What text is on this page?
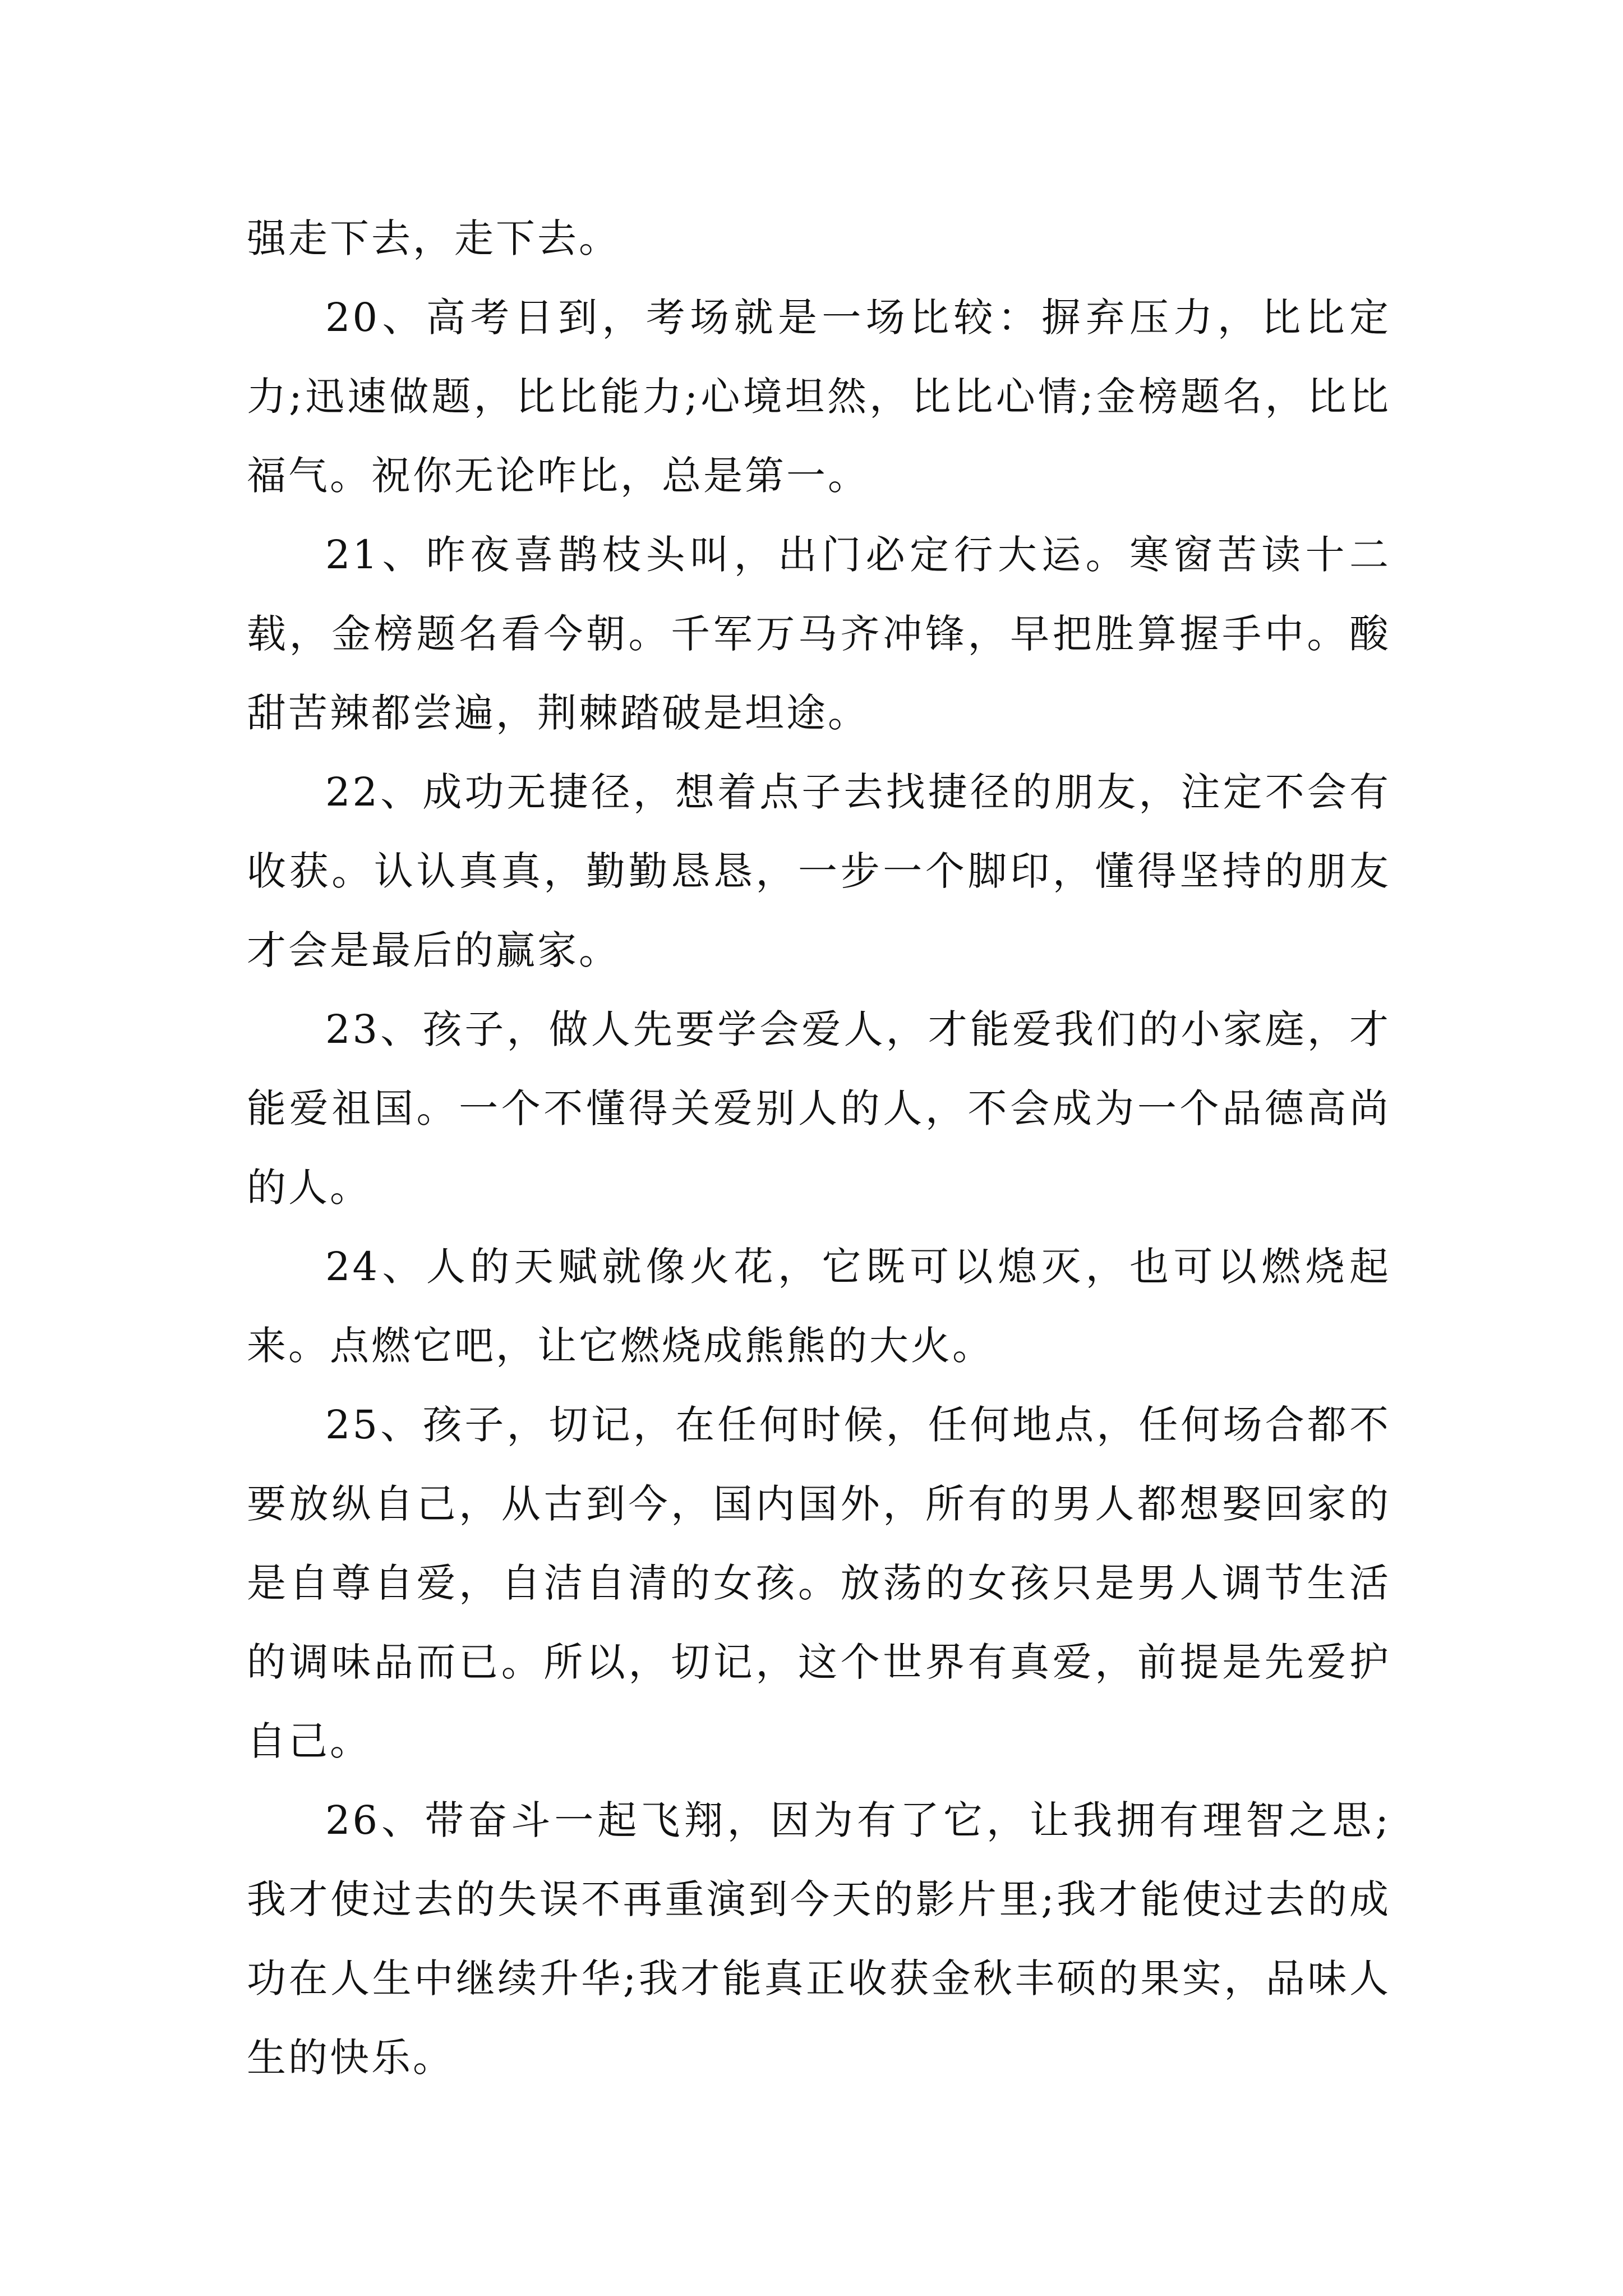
强走下去，走下去。

20、高考日到，考场就是一场比较：摒弃压力，比比定力;迅速做题，比比能力;心境坦然，比比心情;金榜题名，比比福气。祝你无论咋比，总是第一。

21、昨夜喜鹊枝头叫，出门必定行大运。寒窗苦读十二载，金榜题名看今朝。千军万马齐冲锋，早把胜算握手中。酸甜苦辣都尝遍，荆棘踏破是坦途。

22、成功无捷径，想着点子去找捷径的朋友，注定不会有收获。认认真真，勤勤恳恳，一步一个脚印，懂得坚持的朋友才会是最后的赢家。

23、孩子，做人先要学会爱人，才能爱我们的小家庭，才能爱祖国。一个不懂得关爱别人的人，不会成为一个品德高尚的人。

24、人的天赋就像火花，它既可以熄灭，也可以燃烧起来。点燃它吧，让它燃烧成熊熊的大火。

25、孩子，切记，在任何时候，任何地点，任何场合都不要放纵自己，从古到今，国内国外，所有的男人都想娶回家的是自尊自爱，自洁自清的女孩。放荡的女孩只是男人调节生活的调味品而已。所以，切记，这个世界有真爱，前提是先爱护自己。

26、带奋斗一起飞翔，因为有了它，让我拥有理智之思;我才使过去的失误不再重演到今天的影片里;我才能使过去的成功在人生中继续升华;我才能真正收获金秋丰硕的果实，品味人生的快乐。
